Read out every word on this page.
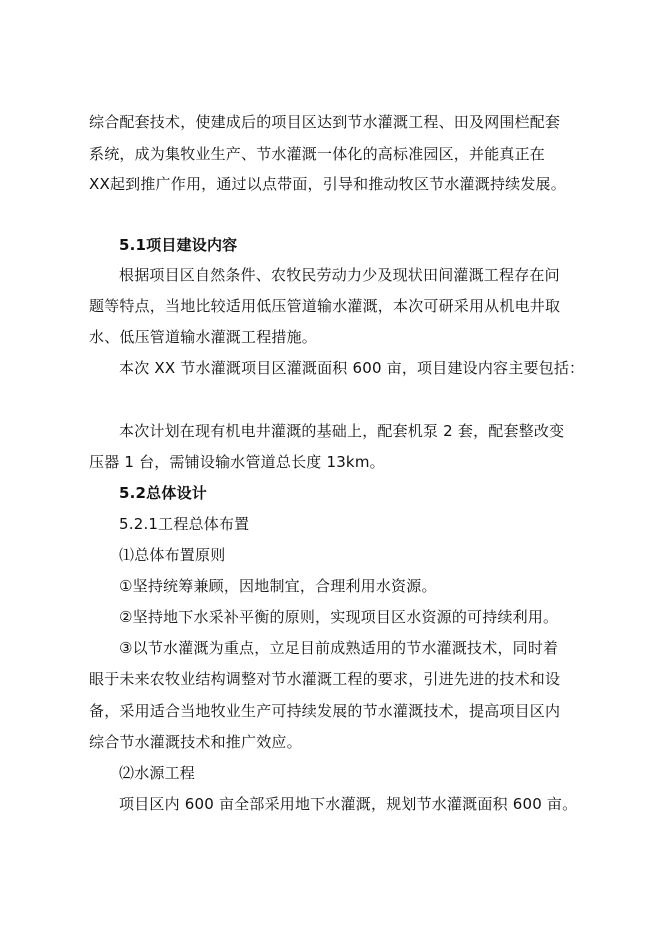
综合配套技术，使建成后的项目区达到节水灌溉工程、田及网围栏配套
系统，成为集牧业生产、节水灌溉一体化的高标准园区，并能真正在
XX起到推广作用，通过以点带面，引导和推动牧区节水灌溉持续发展。
5.1项目建设内容
根据项目区自然条件、农牧民劳动力少及现状田间灌溉工程存在问
题等特点，当地比较适用低压管道输水灌溉，本次可研采用从机电井取
水、低压管道输水灌溉工程措施。
本次 XX 节水灌溉项目区灌溉面积 600 亩，项目建设内容主要包括：
本次计划在现有机电井灌溉的基础上，配套机泵 2 套，配套整改变
压器 1 台，需铺设输水管道总长度 13km。
5.2总体设计
5.2.1工程总体布置
⑴总体布置原则
①坚持统筹兼顾，因地制宜，合理利用水资源。
②坚持地下水采补平衡的原则，实现项目区水资源的可持续利用。
③以节水灌溉为重点，立足目前成熟适用的节水灌溉技术，同时着
眼于未来农牧业结构调整对节水灌溉工程的要求，引进先进的技术和设
备，采用适合当地牧业生产可持续发展的节水灌溉技术，提高项目区内
综合节水灌溉技术和推广效应。
⑵水源工程
项目区内 600 亩全部采用地下水灌溉，规划节水灌溉面积 600 亩。
